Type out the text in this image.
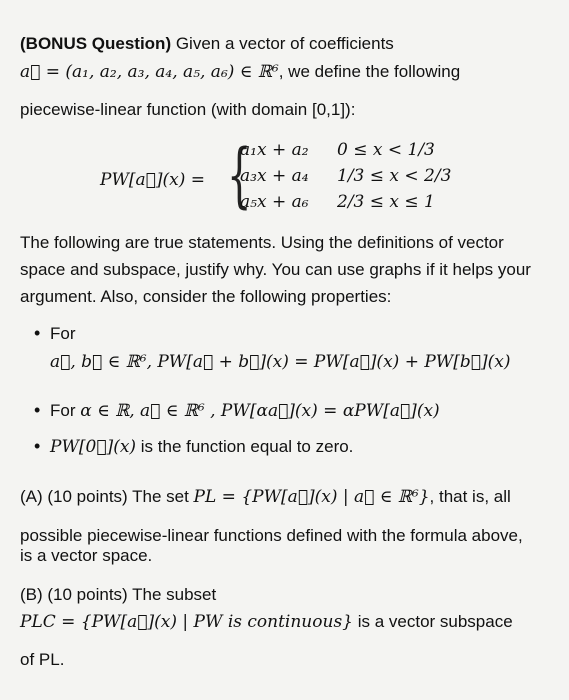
(BONUS Question) Given a vector of coefficients
a⃗ = (a₁, a₂, a₃, a₄, a₅, a₆) ∈ ℝ⁶, we define the following
piecewise-linear function (with domain [0,1]):
PW[a⃗](x) = {
a₁x + a₂	0 ≤ x < 1/3
a₃x + a₄	1/3 ≤ x < 2/3
a₅x + a₆	2/3 ≤ x ≤ 1
The following are true statements. Using the definitions of vector
space and subspace, justify why. You can use graphs if it helps your
argument. Also, consider the following properties:
• For
a⃗, b⃗ ∈ ℝ⁶, PW[a⃗ + b⃗](x) = PW[a⃗](x) + PW[b⃗](x)
• For α ∈ ℝ, a⃗ ∈ ℝ⁶ , PW[αa⃗](x) = αPW[a⃗](x)
• PW[0⃗](x) is the function equal to zero.
(A) (10 points) The set PL = {PW[a⃗](x) | a⃗ ∈ ℝ⁶}, that is, all
possible piecewise-linear functions defined with the formula above,
is a vector space.
(B) (10 points) The subset
PLC = {PW[a⃗](x) | PW is continuous} is a vector subspace
of PL.
